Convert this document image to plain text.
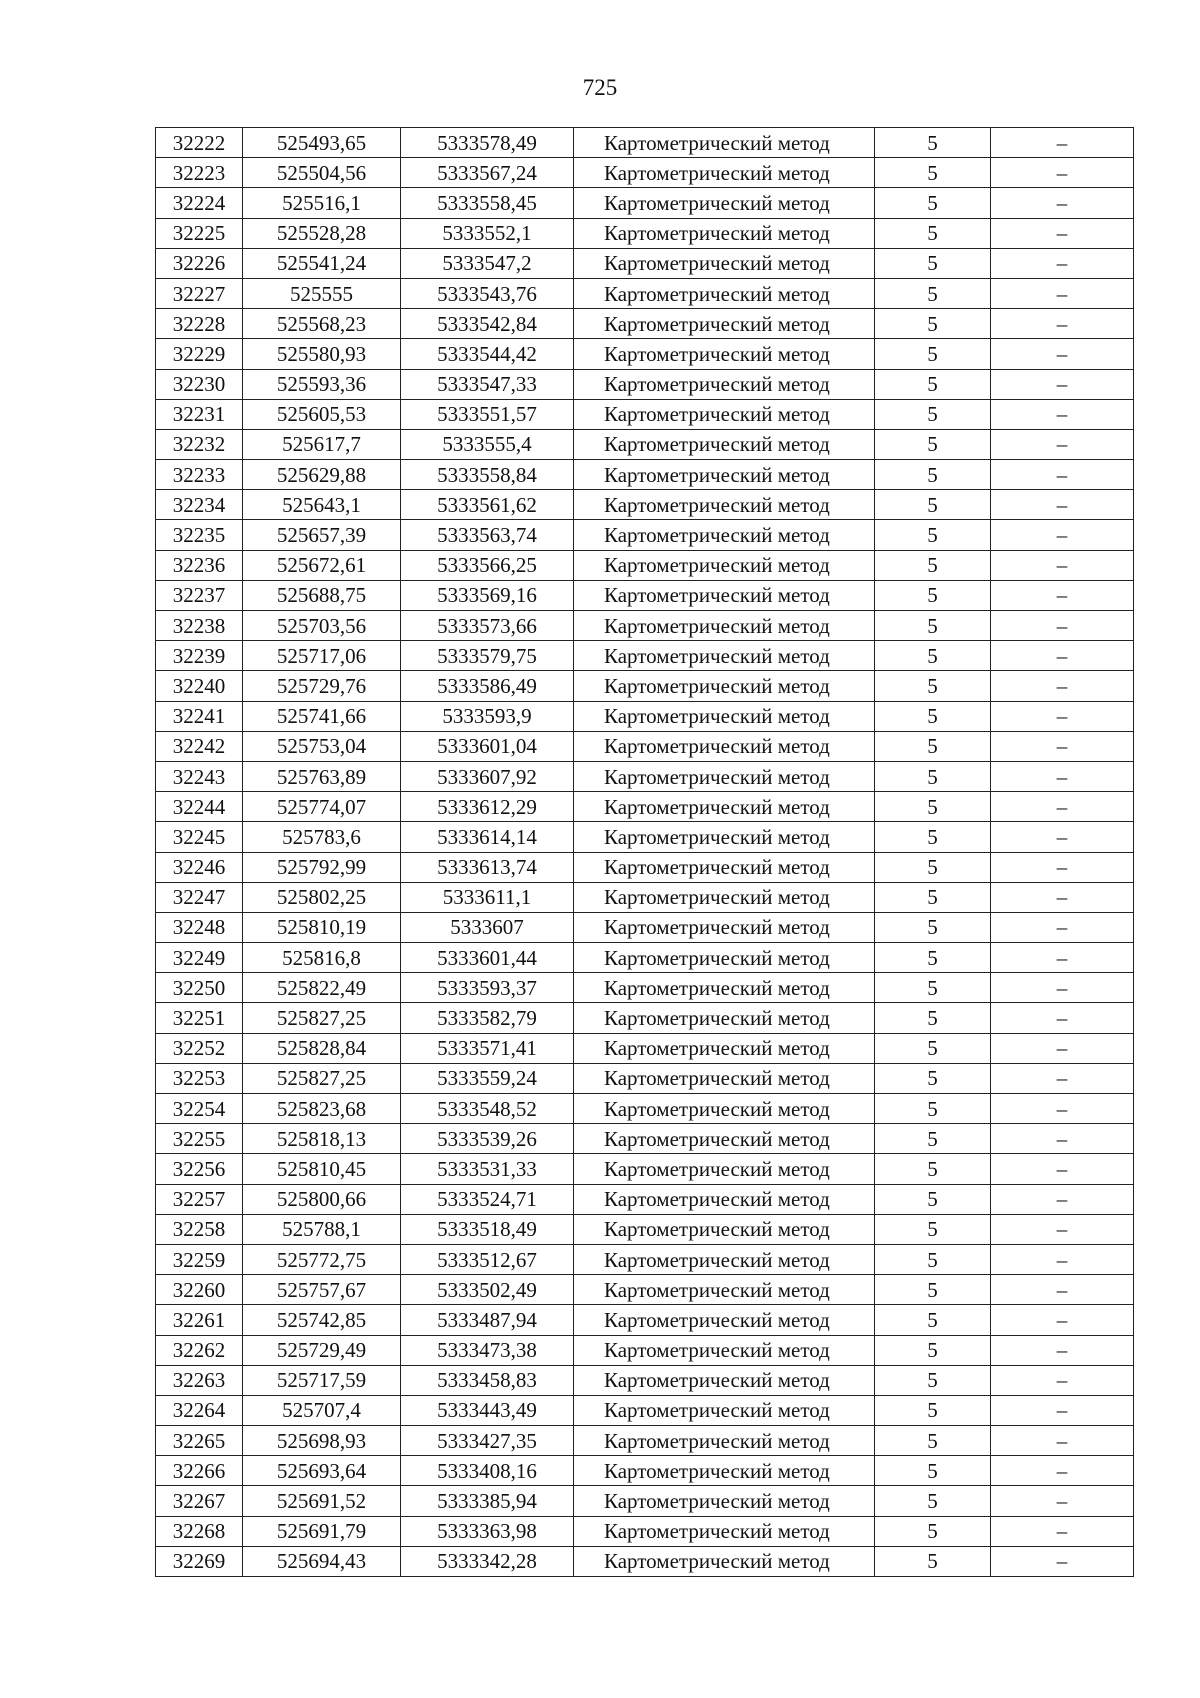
725
32222	525493,65	5333578,49	Картометрический метод	5	–
32223	525504,56	5333567,24	Картометрический метод	5	–
32224	525516,1	5333558,45	Картометрический метод	5	–
32225	525528,28	5333552,1	Картометрический метод	5	–
32226	525541,24	5333547,2	Картометрический метод	5	–
32227	525555	5333543,76	Картометрический метод	5	–
32228	525568,23	5333542,84	Картометрический метод	5	–
32229	525580,93	5333544,42	Картометрический метод	5	–
32230	525593,36	5333547,33	Картометрический метод	5	–
32231	525605,53	5333551,57	Картометрический метод	5	–
32232	525617,7	5333555,4	Картометрический метод	5	–
32233	525629,88	5333558,84	Картометрический метод	5	–
32234	525643,1	5333561,62	Картометрический метод	5	–
32235	525657,39	5333563,74	Картометрический метод	5	–
32236	525672,61	5333566,25	Картометрический метод	5	–
32237	525688,75	5333569,16	Картометрический метод	5	–
32238	525703,56	5333573,66	Картометрический метод	5	–
32239	525717,06	5333579,75	Картометрический метод	5	–
32240	525729,76	5333586,49	Картометрический метод	5	–
32241	525741,66	5333593,9	Картометрический метод	5	–
32242	525753,04	5333601,04	Картометрический метод	5	–
32243	525763,89	5333607,92	Картометрический метод	5	–
32244	525774,07	5333612,29	Картометрический метод	5	–
32245	525783,6	5333614,14	Картометрический метод	5	–
32246	525792,99	5333613,74	Картометрический метод	5	–
32247	525802,25	5333611,1	Картометрический метод	5	–
32248	525810,19	5333607	Картометрический метод	5	–
32249	525816,8	5333601,44	Картометрический метод	5	–
32250	525822,49	5333593,37	Картометрический метод	5	–
32251	525827,25	5333582,79	Картометрический метод	5	–
32252	525828,84	5333571,41	Картометрический метод	5	–
32253	525827,25	5333559,24	Картометрический метод	5	–
32254	525823,68	5333548,52	Картометрический метод	5	–
32255	525818,13	5333539,26	Картометрический метод	5	–
32256	525810,45	5333531,33	Картометрический метод	5	–
32257	525800,66	5333524,71	Картометрический метод	5	–
32258	525788,1	5333518,49	Картометрический метод	5	–
32259	525772,75	5333512,67	Картометрический метод	5	–
32260	525757,67	5333502,49	Картометрический метод	5	–
32261	525742,85	5333487,94	Картометрический метод	5	–
32262	525729,49	5333473,38	Картометрический метод	5	–
32263	525717,59	5333458,83	Картометрический метод	5	–
32264	525707,4	5333443,49	Картометрический метод	5	–
32265	525698,93	5333427,35	Картометрический метод	5	–
32266	525693,64	5333408,16	Картометрический метод	5	–
32267	525691,52	5333385,94	Картометрический метод	5	–
32268	525691,79	5333363,98	Картометрический метод	5	–
32269	525694,43	5333342,28	Картометрический метод	5	–
